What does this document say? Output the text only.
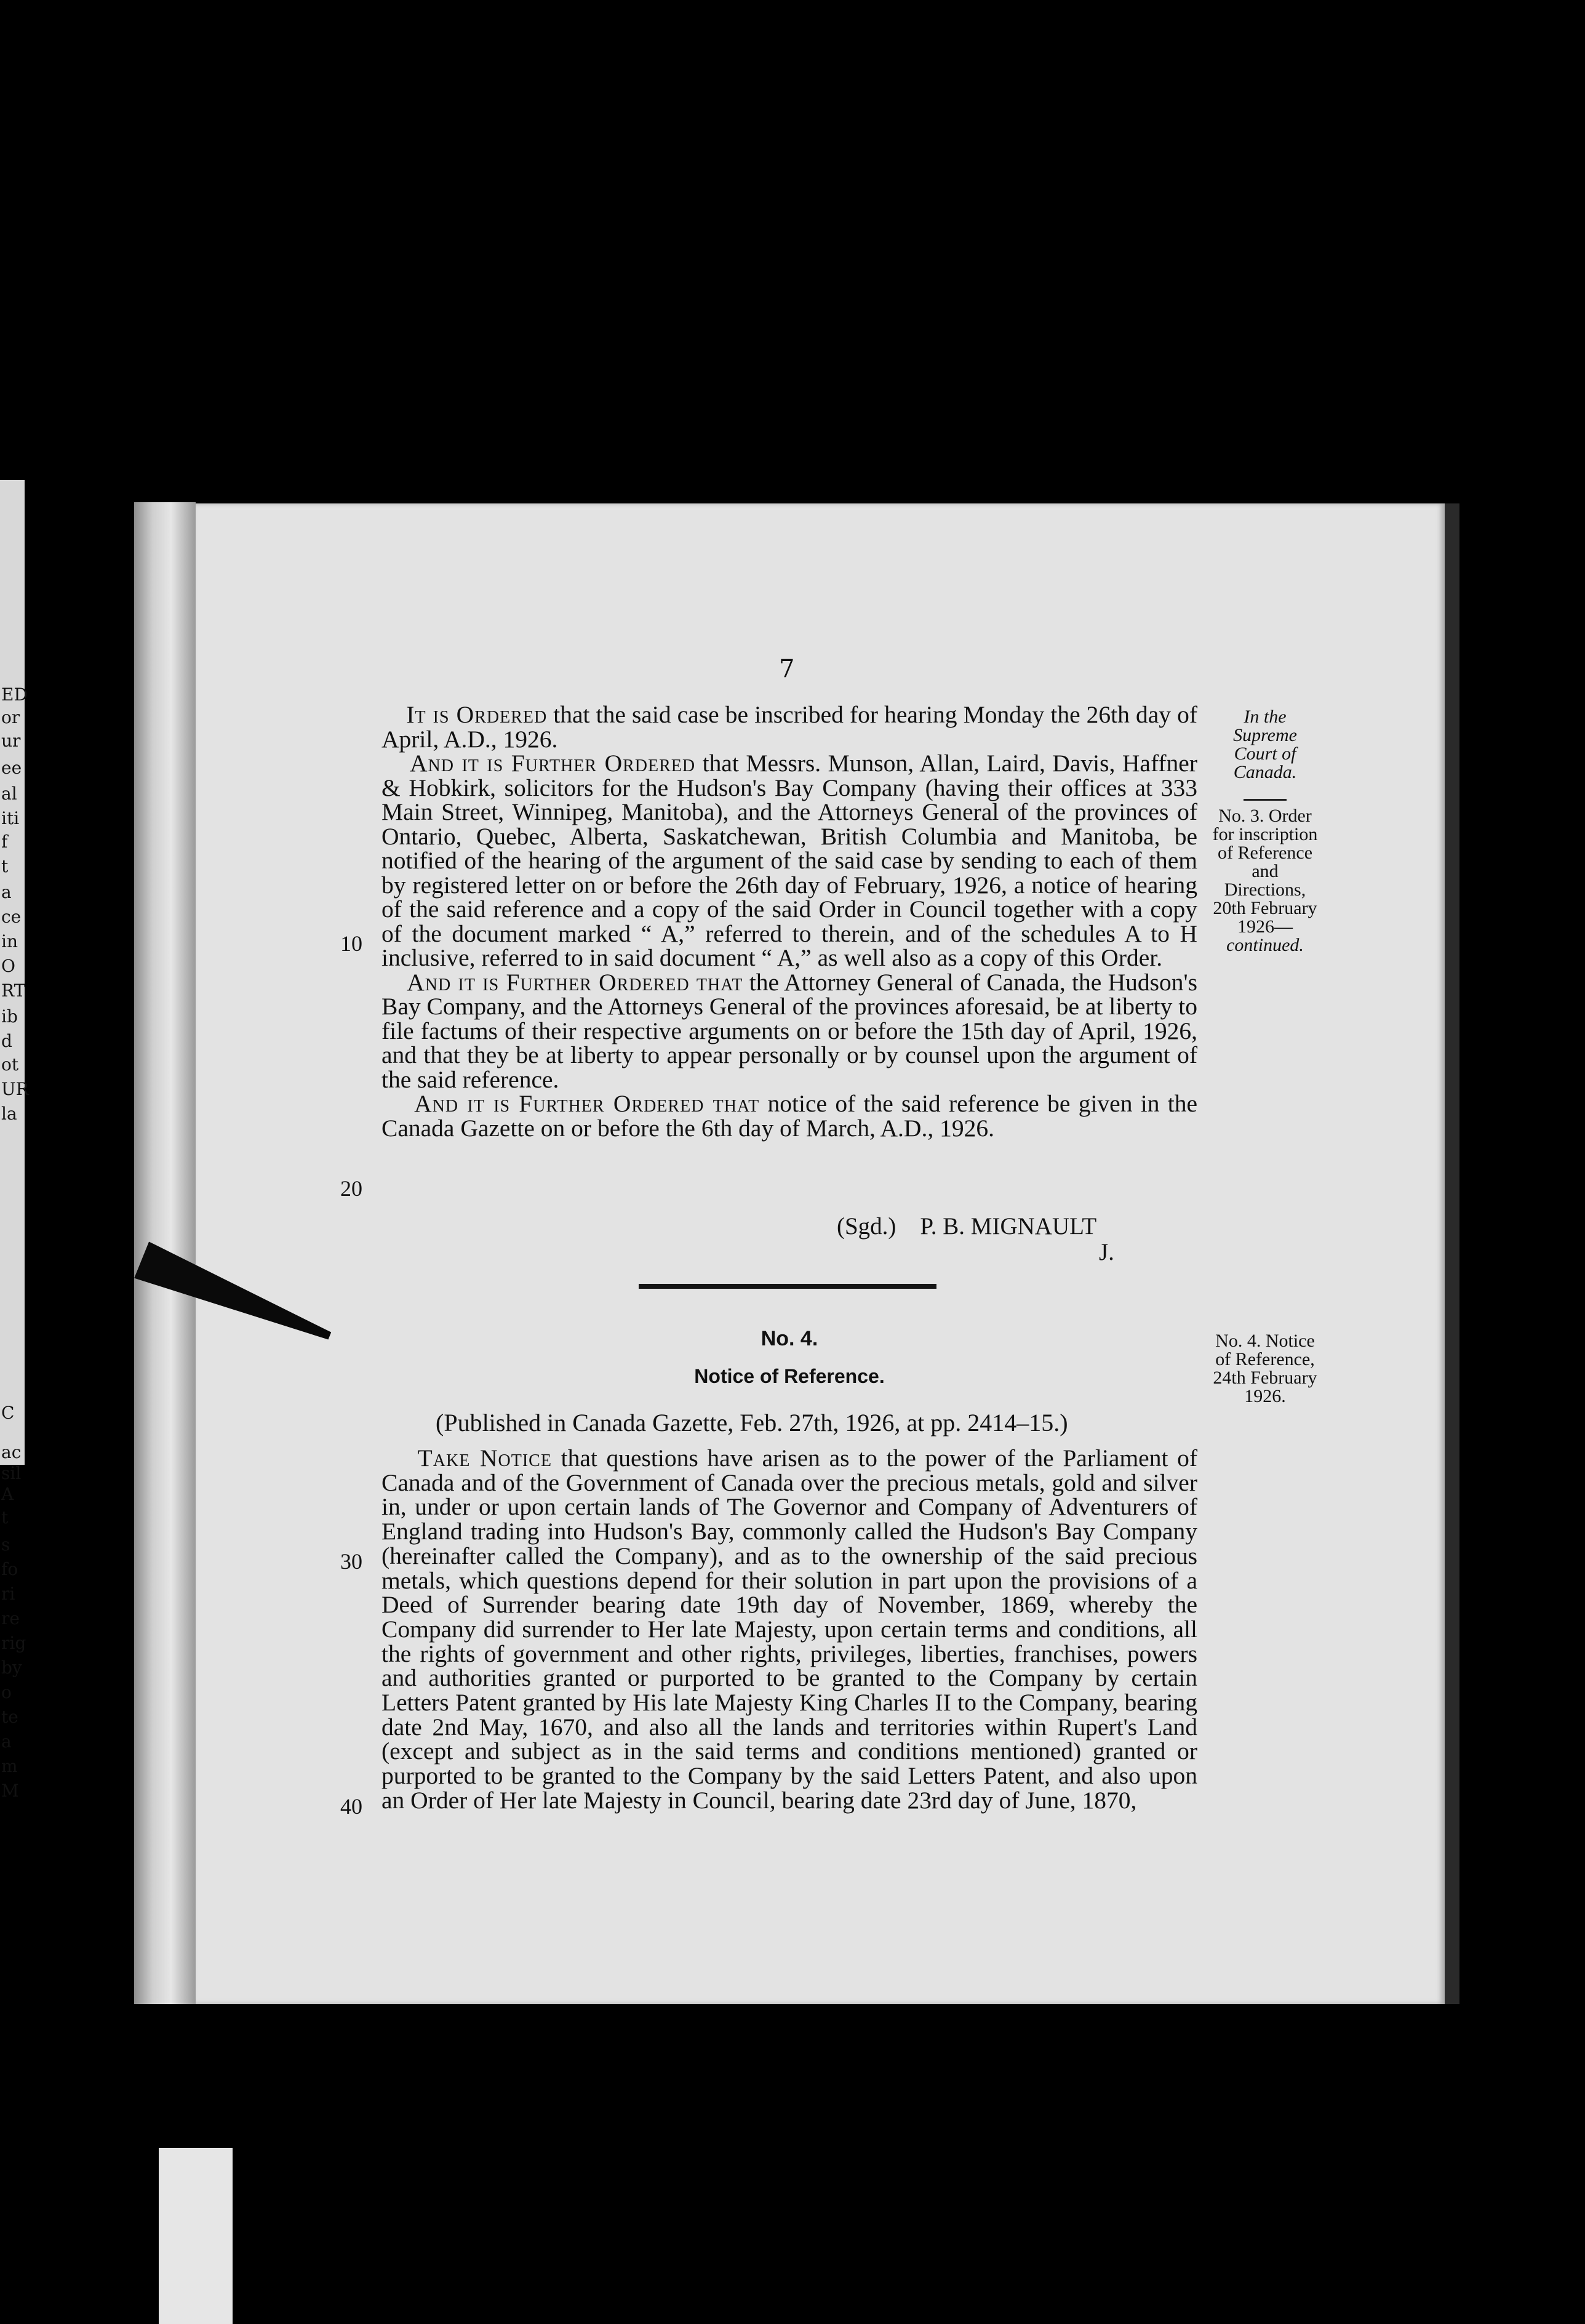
ED
or
ur
ee
al
iti
f
t
a
ce
in
O
RT
ib
d
ot
UR
la
C
ac
sil
A
t
s
fo
ri
re
rig
by
o
te
a
m
M
7

It is Ordered that the said case be inscribed for hearing Monday the 26th day of April, A.D., 1926.

And it is Further Ordered that Messrs. Munson, Allan, Laird, Davis, Haffner & Hobkirk, solicitors for the Hudson's Bay Company (having their offices at 333 Main Street, Winnipeg, Manitoba), and the Attorneys General of the provinces of Ontario, Quebec, Alberta, Saskatchewan, British Columbia and Manitoba, be notified of the hearing of the argument of the said case by sending to each of them by registered letter on or before the 26th day of February, 1926, a notice of hearing of the said reference and a copy of the said Order in Council together with a copy of the document marked “ A,” referred to therein, and of the schedules A to H inclusive, referred to in said document “ A,” as well also as a copy of this Order.

And it is Further Ordered that the Attorney General of Canada, the Hudson's Bay Company, and the Attorneys General of the provinces aforesaid, be at liberty to file factums of their respective arguments on or before the 15th day of April, 1926, and that they be at liberty to appear personally or by counsel upon the argument of the said reference.

And it is Further Ordered that notice of the said reference be given in the Canada Gazette on or before the 6th day of March, A.D., 1926.

10
20
30
40
In the Supreme Court of Canada.
No. 3. Order for inscription of Reference and Directions, 20th February 1926—
continued.
No. 4. Notice of Reference, 24th February 1926.
(Sgd.)    P. B. MIGNAULT
J.
No. 4.
Notice of Reference.
(Published in Canada Gazette, Feb. 27th, 1926, at pp. 2414–15.)

Take Notice that questions have arisen as to the power of the Parliament of Canada and of the Government of Canada over the precious metals, gold and silver in, under or upon certain lands of The Governor and Company of Adventurers of England trading into Hudson's Bay, commonly called the Hudson's Bay Company (hereinafter called the Company), and as to the ownership of the said precious metals, which questions depend for their solution in part upon the provisions of a Deed of Surrender bearing date 19th day of November, 1869, whereby the Company did surrender to Her late Majesty, upon certain terms and conditions, all the rights of government and other rights, privileges, liberties, franchises, powers and authorities granted or purported to be granted to the Company by certain Letters Patent granted by His late Majesty King Charles II to the Company, bearing date 2nd May, 1670, and also all the lands and territories within Rupert's Land (except and subject as in the said terms and conditions mentioned) granted or purported to be granted to the Company by the said Letters Patent, and also upon an Order of Her late Majesty in Council, bearing date 23rd day of June, 1870,
